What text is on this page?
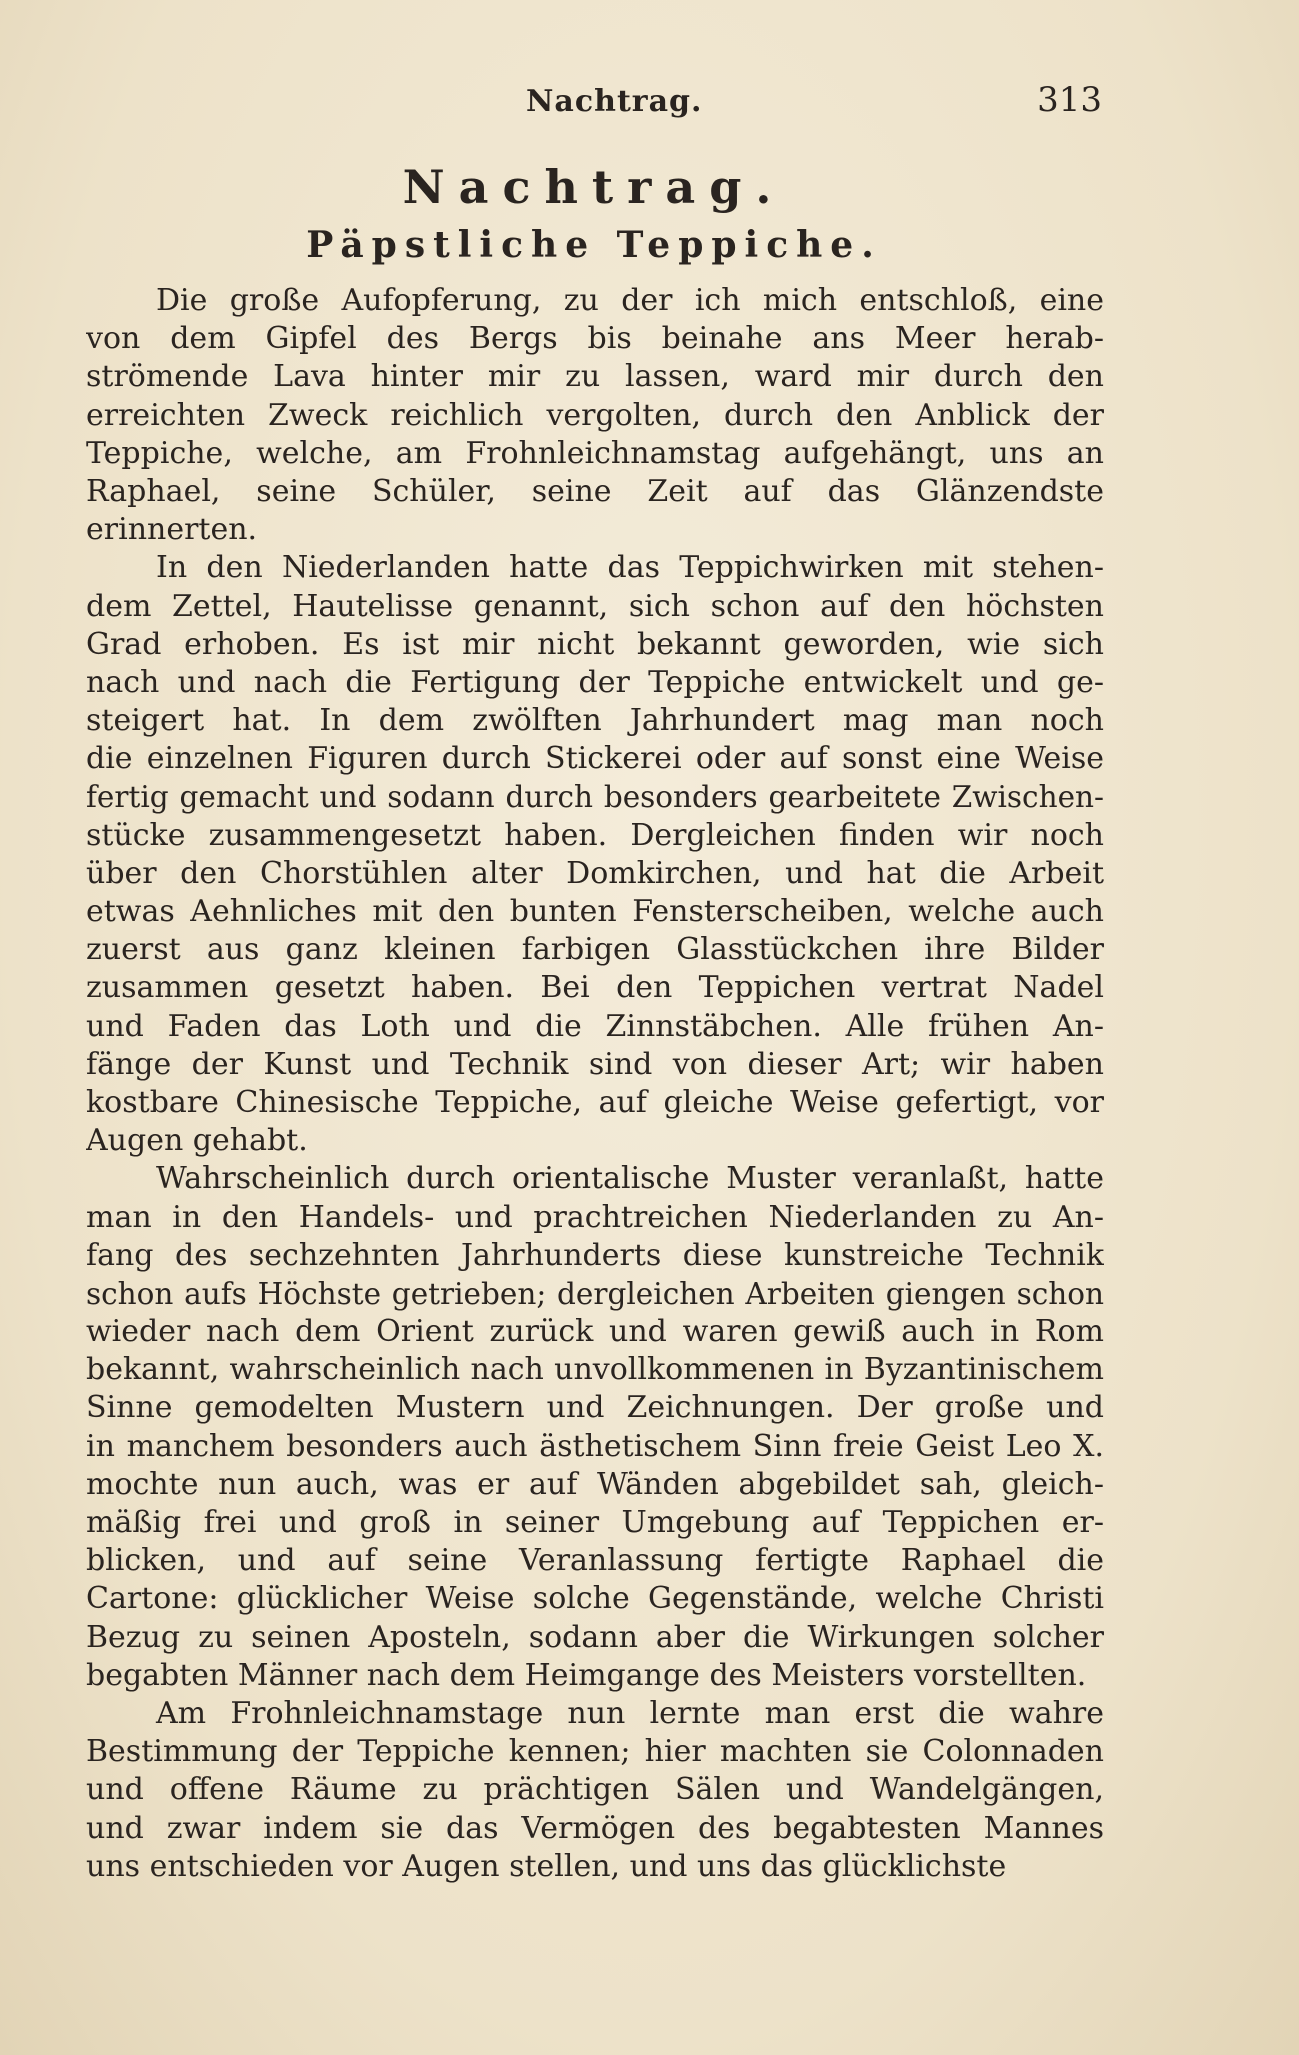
Nachtrag.	313
Nachtrag.
Päpstliche Teppiche.
Die große Aufopferung, zu der ich mich entschloß, eine
von dem Gipfel des Bergs bis beinahe ans Meer herab-
strömende Lava hinter mir zu lassen, ward mir durch den
erreichten Zweck reichlich vergolten, durch den Anblick der
Teppiche, welche, am Frohnleichnamstag aufgehängt, uns an
Raphael, seine Schüler, seine Zeit auf das Glänzendste
erinnerten.
In den Niederlanden hatte das Teppichwirken mit stehen-
dem Zettel, Hautelisse genannt, sich schon auf den höchsten
Grad erhoben. Es ist mir nicht bekannt geworden, wie sich
nach und nach die Fertigung der Teppiche entwickelt und ge-
steigert hat. In dem zwölften Jahrhundert mag man noch
die einzelnen Figuren durch Stickerei oder auf sonst eine Weise
fertig gemacht und sodann durch besonders gearbeitete Zwischen-
stücke zusammengesetzt haben. Dergleichen finden wir noch
über den Chorstühlen alter Domkirchen, und hat die Arbeit
etwas Aehnliches mit den bunten Fensterscheiben, welche auch
zuerst aus ganz kleinen farbigen Glasstückchen ihre Bilder
zusammen gesetzt haben. Bei den Teppichen vertrat Nadel
und Faden das Loth und die Zinnstäbchen. Alle frühen An-
fänge der Kunst und Technik sind von dieser Art; wir haben
kostbare Chinesische Teppiche, auf gleiche Weise gefertigt, vor
Augen gehabt.
Wahrscheinlich durch orientalische Muster veranlaßt, hatte
man in den Handels- und prachtreichen Niederlanden zu An-
fang des sechzehnten Jahrhunderts diese kunstreiche Technik
schon aufs Höchste getrieben; dergleichen Arbeiten giengen schon
wieder nach dem Orient zurück und waren gewiß auch in Rom
bekannt, wahrscheinlich nach unvollkommenen in Byzantinischem
Sinne gemodelten Mustern und Zeichnungen. Der große und
in manchem besonders auch ästhetischem Sinn freie Geist Leo X.
mochte nun auch, was er auf Wänden abgebildet sah, gleich-
mäßig frei und groß in seiner Umgebung auf Teppichen er-
blicken, und auf seine Veranlassung fertigte Raphael die
Cartone: glücklicher Weise solche Gegenstände, welche Christi
Bezug zu seinen Aposteln, sodann aber die Wirkungen solcher
begabten Männer nach dem Heimgange des Meisters vorstellten.
Am Frohnleichnamstage nun lernte man erst die wahre
Bestimmung der Teppiche kennen; hier machten sie Colonnaden
und offene Räume zu prächtigen Sälen und Wandelgängen,
und zwar indem sie das Vermögen des begabtesten Mannes
uns entschieden vor Augen stellen, und uns das glücklichste
